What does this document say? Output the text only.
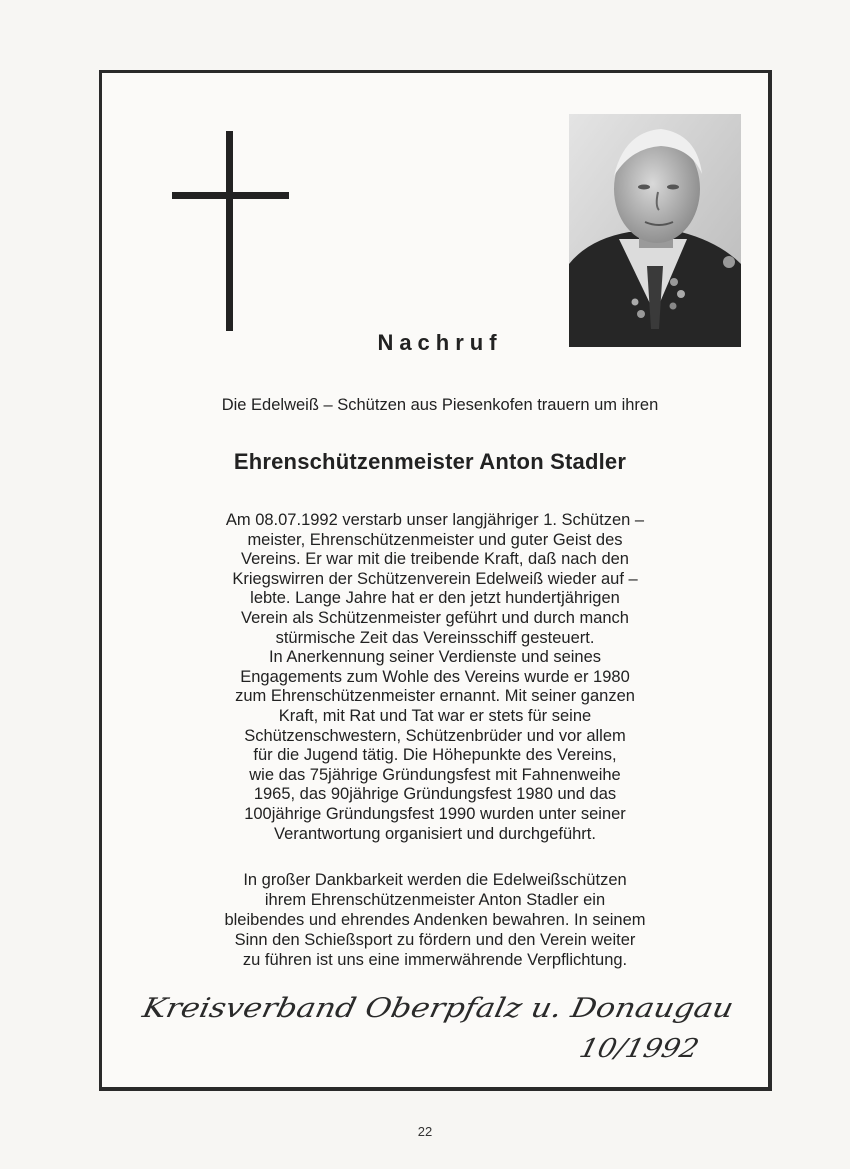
Nachruf
Die Edelweiß – Schützen aus Piesenkofen trauern um ihren
Ehrenschützenmeister Anton Stadler
Am 08.07.1992 verstarb unser langjähriger 1. Schützen –
meister, Ehrenschützenmeister und guter Geist des
Vereins. Er war mit die treibende Kraft, daß nach den
Kriegswirren der Schützenverein Edelweiß wieder auf –
lebte. Lange Jahre hat er den jetzt hundertjährigen
Verein als Schützenmeister geführt und durch manch
stürmische Zeit das Vereinsschiff gesteuert.
In Anerkennung seiner Verdienste und seines
Engagements zum Wohle des Vereins wurde er 1980
zum Ehrenschützenmeister ernannt. Mit seiner ganzen
Kraft, mit Rat und Tat war er stets für seine
Schützenschwestern, Schützenbrüder und vor allem
für die Jugend tätig. Die Höhepunkte des Vereins,
wie das 75jährige Gründungsfest mit Fahnenweihe
1965, das 90jährige Gründungsfest 1980 und das
100jährige Gründungsfest 1990 wurden unter seiner
Verantwortung organisiert und durchgeführt.
In großer Dankbarkeit werden die Edelweißschützen
ihrem Ehrenschützenmeister Anton Stadler ein
bleibendes und ehrendes Andenken bewahren. In seinem
Sinn den Schießsport zu fördern und den Verein weiter
zu führen ist uns eine immerwährende Verpflichtung.
Kreisverband Oberpfalz u. Donaugau
10/1992
22
